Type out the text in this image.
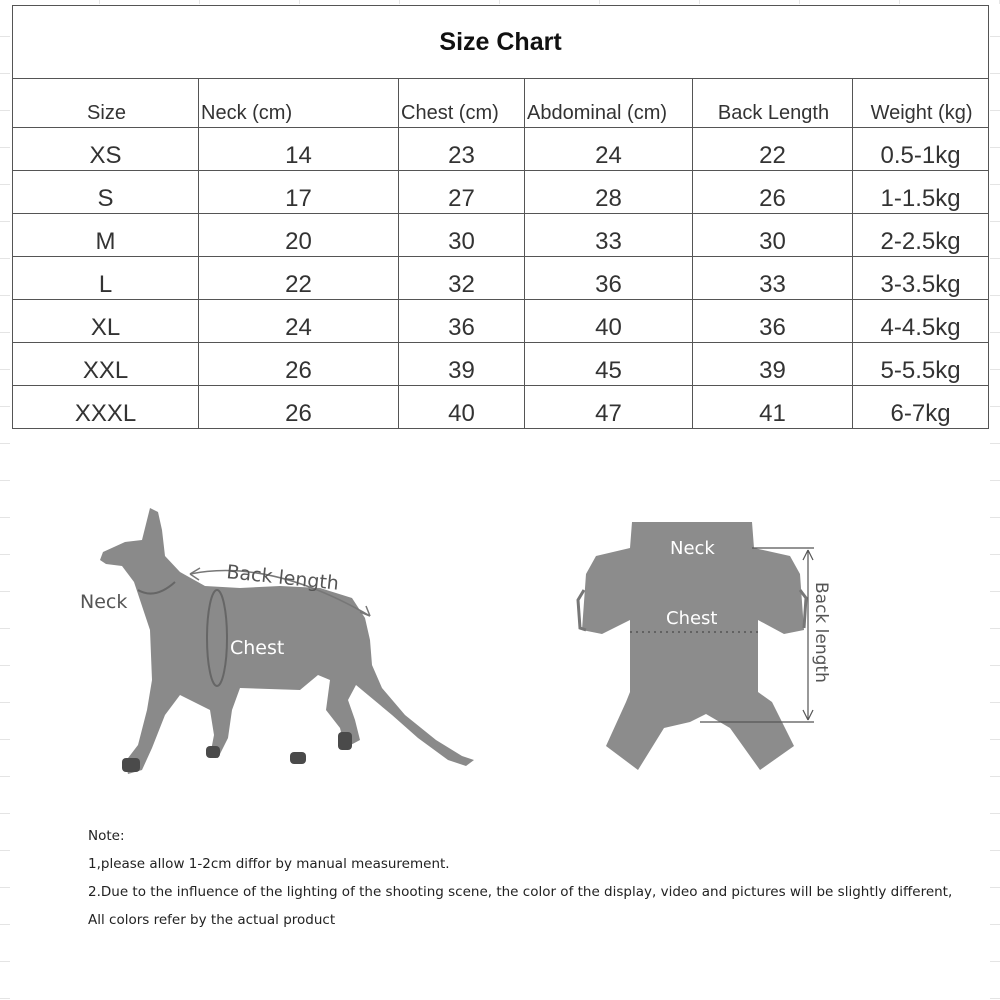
Size Chart					
Size	Neck (cm)	Chest (cm)	Abdominal (cm)	Back Length	Weight (kg)
XS	14	23	24	22	0.5-1kg
S	17	27	28	26	1-1.5kg
M	20	30	33	30	2-2.5kg
L	22	32	36	33	3-3.5kg
XL	24	36	40	36	4-4.5kg
XXL	26	39	45	39	5-5.5kg
XXXL	26	40	47	41	6-7kg
Neck
Back length
Chest
Neck
Chest	Back length
Note:
1,please allow 1-2cm diffor by manual measurement.
2.Due to the influence of the lighting of the shooting scene, the color of the display, video and pictures will be slightly different,
All colors refer by the actual product
